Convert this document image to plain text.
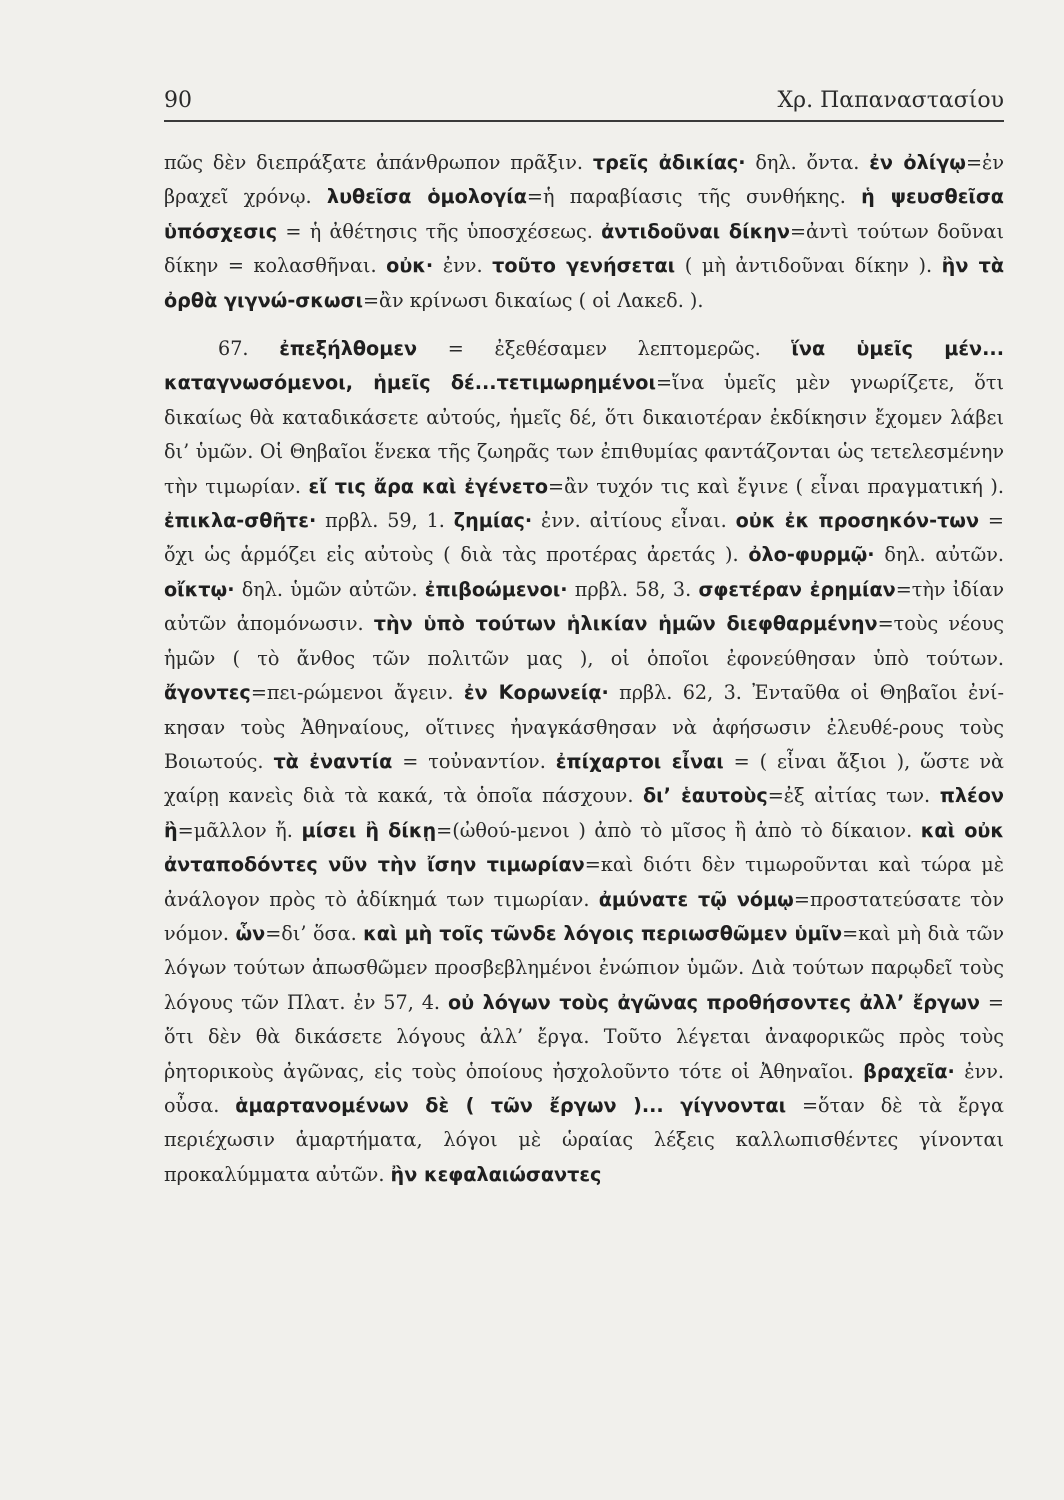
90	Χρ. Παπαναστασίου

πῶς δὲν διεπράξατε ἀπάνθρωπον πρᾶξιν. τρεῖς ἀδικίας· δηλ. ὄντα. ἐν ὀλίγῳ=ἐν βραχεῖ χρόνῳ. λυθεῖσα ὁμολογία=ἡ παραβίασις τῆς συνθήκης. ἡ ψευσθεῖσα ὑπόσχεσις = ἡ ἀθέτησις τῆς ὑποσχέσεως. ἀντιδοῦναι δίκην=ἀντὶ τούτων δοῦναι δίκην = κολασθῆναι. οὐκ· ἐνν. τοῦτο γενήσεται ( μὴ ἀντιδοῦναι δίκην ). ἢν τὰ ὀρθὰ γιγνώ-σκωσι=ἂν κρίνωσι δικαίως ( οἱ Λακεδ. ).

67. ἐπεξήλθομεν = ἐξεθέσαμεν λεπτομερῶς. ἵνα ὑμεῖς μέν... καταγνωσόμενοι, ἡμεῖς δέ...τετιμωρημένοι=ἵνα ὑμεῖς μὲν γνωρίζετε, ὅτι δικαίως θὰ καταδικάσετε αὐτούς, ἡμεῖς δέ, ὅτι δικαιοτέραν ἐκδίκησιν ἔχομεν λάβει δι’ ὑμῶν. Οἱ Θηβαῖοι ἕνεκα τῆς ζωηρᾶς των ἐπιθυμίας φαντάζονται ὡς τετελεσμένην τὴν τιμωρίαν. εἴ τις ἄρα καὶ ἐγένετο=ἂν τυχόν τις καὶ ἔγινε ( εἶναι πραγματική ). ἐπικλα-σθῆτε· πρβλ. 59, 1. ζημίας· ἐνν. αἰτίους εἶναι. οὐκ ἐκ προσηκόν-των = ὄχι ὡς ἁρμόζει εἰς αὐτοὺς ( διὰ τὰς προτέρας ἀρετάς ). ὀλο-φυρμῷ· δηλ. αὐτῶν. οἴκτῳ· δηλ. ὑμῶν αὐτῶν. ἐπιβοώμενοι· πρβλ. 58, 3. σφετέραν ἐρημίαν=τὴν ἰδίαν αὐτῶν ἀπομόνωσιν. τὴν ὑπὸ τούτων ἡλικίαν ἡμῶν διεφθαρμένην=τοὺς νέους ἡμῶν ( τὸ ἄνθος τῶν πολιτῶν μας ), οἱ ὁποῖοι ἐφονεύθησαν ὑπὸ τούτων. ἄγοντες=πει-ρώμενοι ἄγειν. ἐν Κορωνείᾳ· πρβλ. 62, 3. Ἐνταῦθα οἱ Θηβαῖοι ἐνί-κησαν τοὺς Ἀθηναίους, οἵτινες ἠναγκάσθησαν νὰ ἀφήσωσιν ἐλευθέ-ρους τοὺς Βοιωτούς. τὰ ἐναντία = τοὐναντίον. ἐπίχαρτοι εἶναι = ( εἶναι ἄξιοι ), ὥστε νὰ χαίρῃ κανεὶς διὰ τὰ κακά, τὰ ὁποῖα πάσχουν. δι’ ἑαυτοὺς=ἐξ αἰτίας των. πλέον ἢ=μᾶλλον ἤ. μίσει ἢ δίκῃ=(ὠθού-μενοι ) ἀπὸ τὸ μῖσος ἢ ἀπὸ τὸ δίκαιον. καὶ οὐκ ἀνταποδόντες νῦν τὴν ἴσην τιμωρίαν=καὶ διότι δὲν τιμωροῦνται καὶ τώρα μὲ ἀνάλογον πρὸς τὸ ἀδίκημά των τιμωρίαν. ἀμύνατε τῷ νόμῳ=προστατεύσατε τὸν νόμον. ὧν=δι’ ὅσα. καὶ μὴ τοῖς τῶνδε λόγοις περιωσθῶμεν ὑμῖν=καὶ μὴ διὰ τῶν λόγων τούτων ἀπωσθῶμεν προσβεβλημένοι ἐνώπιον ὑμῶν. Διὰ τούτων παρῳδεῖ τοὺς λόγους τῶν Πλατ. ἐν 57, 4. οὐ λόγων τοὺς ἀγῶνας προθήσοντες ἀλλ’ ἔργων = ὅτι δὲν θὰ δικάσετε λόγους ἀλλ’ ἔργα. Τοῦτο λέγεται ἀναφορικῶς πρὸς τοὺς ῥητορικοὺς ἀγῶνας, εἰς τοὺς ὁποίους ἠσχολοῦντο τότε οἱ Ἀθηναῖοι. βραχεῖα· ἐνν. οὖσα. ἁμαρτανομένων δὲ ( τῶν ἔργων )... γίγνονται =ὅταν δὲ τὰ ἔργα περιέχωσιν ἁμαρτήματα, λόγοι μὲ ὡραίας λέξεις καλλωπισθέντες γίνονται προκαλύμματα αὐτῶν. ἢν κεφαλαιώσαντες
